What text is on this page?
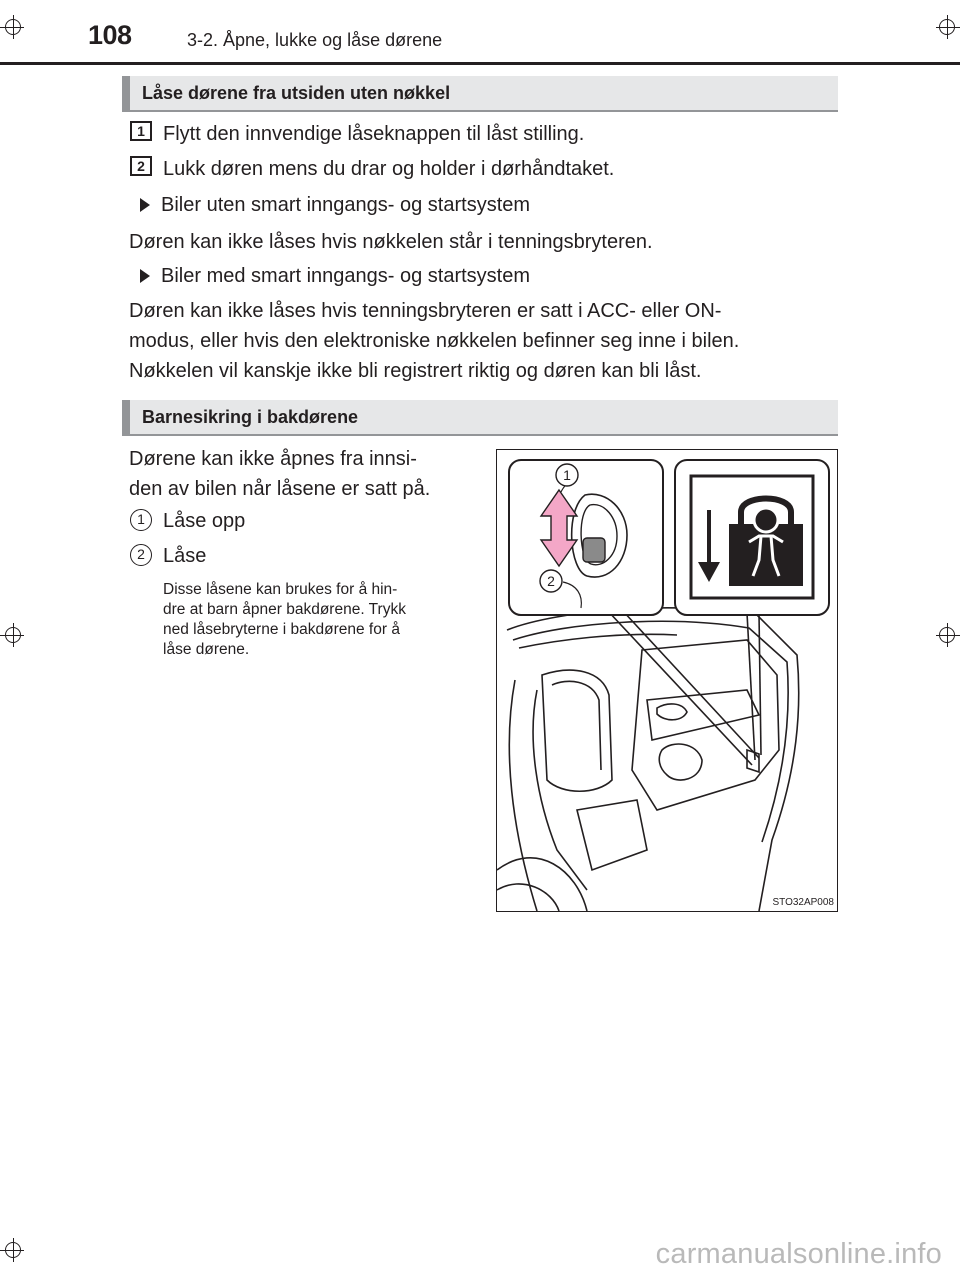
108	3-2. Åpne, lukke og låse dørene
Låse dørene fra utsiden uten nøkkel
1 Flytt den innvendige låseknappen til låst stilling.
2 Lukk døren mens du drar og holder i dørhåndtaket.
Biler uten smart inngangs- og startsystem
Døren kan ikke låses hvis nøkkelen står i tenningsbryteren.
Biler med smart inngangs- og startsystem
Døren kan ikke låses hvis tenningsbryteren er satt i ACC- eller ON-
modus, eller hvis den elektroniske nøkkelen befinner seg inne i bilen.
Nøkkelen vil kanskje ikke bli registrert riktig og døren kan bli låst.
Barnesikring i bakdørene
Dørene kan ikke åpnes fra innsi-
den av bilen når låsene er satt på.
1 Låse opp
2 Låse
Disse låsene kan brukes for å hin-
dre at barn åpner bakdørene. Trykk
ned låsebryterne i bakdørene for å
låse dørene.
STO32AP008
1
2
carmanualsonline.info
